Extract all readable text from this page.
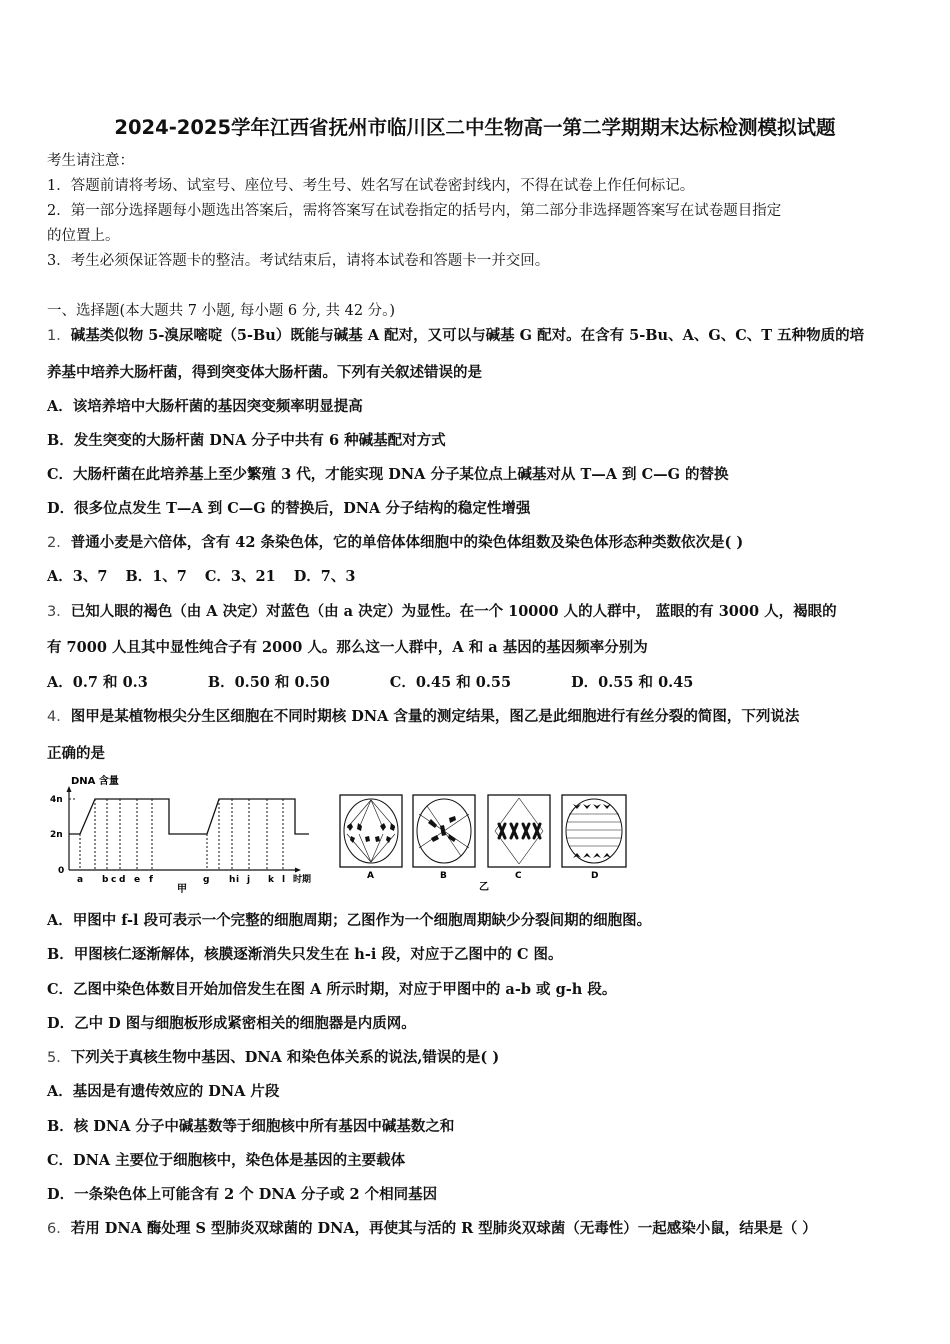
2024-2025学年江西省抚州市临川区二中生物高一第二学期期末达标检测模拟试题
考生请注意：
1．答题前请将考场、试室号、座位号、考生号、姓名写在试卷密封线内，不得在试卷上作任何标记。
2．第一部分选择题每小题选出答案后，需将答案写在试卷指定的括号内，第二部分非选择题答案写在试卷题目指定
的位置上。
3．考生必须保证答题卡的整洁。考试结束后，请将本试卷和答题卡一并交回。
一、选择题(本大题共 7 小题, 每小题 6 分, 共 42 分。)
1．碱基类似物 5-溴尿嘧啶（5-Bu）既能与碱基 A 配对，又可以与碱基 G 配对。在含有 5-Bu、A、G、C、T 五种物质的培
养基中培养大肠杆菌，得到突变体大肠杆菌。下列有关叙述错误的是
A．该培养培中大肠杆菌的基因突变频率明显提高
B．发生突变的大肠杆菌 DNA 分子中共有 6 种碱基配对方式
C．大肠杆菌在此培养基上至少繁殖 3 代，才能实现 DNA 分子某位点上碱基对从 T—A 到 C—G 的替换
D．很多位点发生 T—A 到 C—G 的替换后，DNA 分子结构的稳定性增强
2．普通小麦是六倍体，含有 42 条染色体，它的单倍体体细胞中的染色体组数及染色体形态种类数依次是( )
A．3、7 B．1、7 C．3、21 D．7、3
3．已知人眼的褐色（由 A 决定）对蓝色（由 a 决定）为显性。在一个 10000 人的人群中， 蓝眼的有 3000 人，褐眼的
有 7000 人且其中显性纯合子有 2000 人。那么这一人群中，A 和 a 基因的基因频率分别为
A．0.7 和 0.3	B．0.50 和 0.50	C．0.45 和 0.55	D．0.55 和 0.45
4．图甲是某植物根尖分生区细胞在不同时期核 DNA 含量的测定结果，图乙是此细胞进行有丝分裂的简图，下列说法
正确的是
DNA 含量
4n
2n
0
a b c d e f	g h i j k l 时期
甲
A	B	C	D
乙
A．甲图中 f-l 段可表示一个完整的细胞周期；乙图作为一个细胞周期缺少分裂间期的细胞图。
B．甲图核仁逐渐解体，核膜逐渐消失只发生在 h-i 段，对应于乙图中的 C 图。
C．乙图中染色体数目开始加倍发生在图 A 所示时期，对应于甲图中的 a-b 或 g-h 段。
D．乙中 D 图与细胞板形成紧密相关的细胞器是内质网。
5．下列关于真核生物中基因、DNA 和染色体关系的说法,错误的是( )
A．基因是有遗传效应的 DNA 片段
B．核 DNA 分子中碱基数等于细胞核中所有基因中碱基数之和
C．DNA 主要位于细胞核中，染色体是基因的主要载体
D．一条染色体上可能含有 2 个 DNA 分子或 2 个相同基因
6．若用 DNA 酶处理 S 型肺炎双球菌的 DNA，再使其与活的 R 型肺炎双球菌（无毒性）一起感染小鼠，结果是（ ）
